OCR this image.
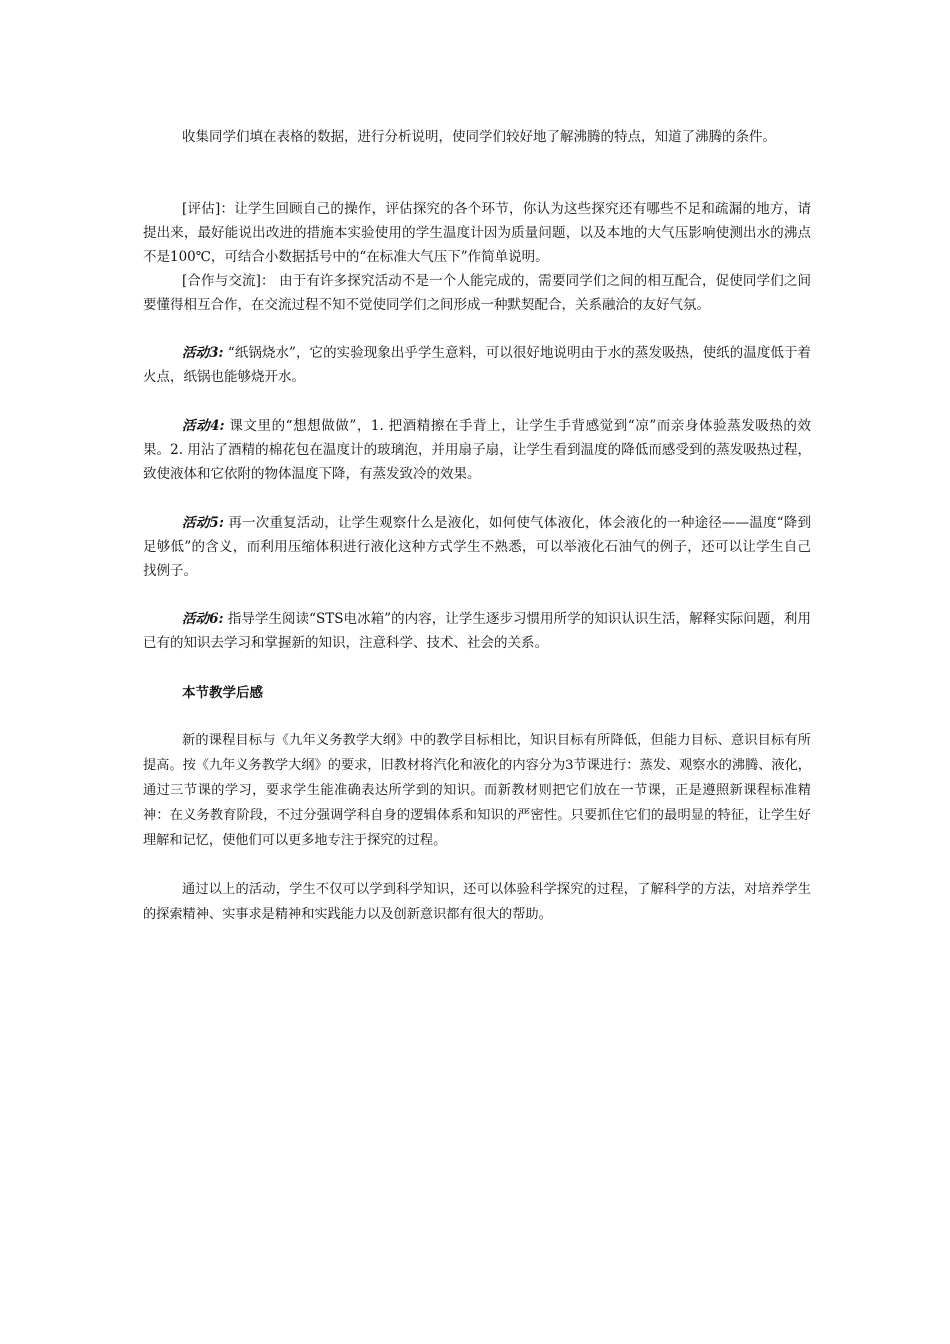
收集同学们填在表格的数据，进行分析说明，使同学们较好地了解沸腾的特点，知道了沸腾的条件。

[评估]：让学生回顾自己的操作，评估探究的各个环节，你认为这些探究还有哪些不足和疏漏的地方，请提出来，最好能说出改进的措施本实验使用的学生温度计因为质量问题，以及本地的大气压影响使测出水的沸点不是100℃，可结合小数据括号中的“在标准大气压下”作简单说明。

[合作与交流]： 由于有许多探究活动不是一个人能完成的，需要同学们之间的相互配合，促使同学们之间要懂得相互合作，在交流过程不知不觉使同学们之间形成一种默契配合，关系融洽的友好气氛。

活动3: “纸锅烧水”，它的实验现象出乎学生意料，可以很好地说明由于水的蒸发吸热，使纸的温度低于着火点，纸锅也能够烧开水。

活动4: 课文里的“想想做做”，1. 把酒精擦在手背上，让学生手背感觉到“凉”而亲身体验蒸发吸热的效果。2. 用沾了酒精的棉花包在温度计的玻璃泡，并用扇子扇，让学生看到温度的降低而感受到的蒸发吸热过程，致使液体和它依附的物体温度下降，有蒸发致冷的效果。

活动5: 再一次重复活动，让学生观察什么是液化，如何使气体液化，体会液化的一种途径——温度“降到足够低”的含义，而利用压缩体积进行液化这种方式学生不熟悉，可以举液化石油气的例子，还可以让学生自己找例子。

活动6: 指导学生阅读“STS电冰箱”的内容，让学生逐步习惯用所学的知识认识生活，解释实际问题，利用已有的知识去学习和掌握新的知识，注意科学、技术、社会的关系。

本节教学后感

新的课程目标与《九年义务教学大纲》中的教学目标相比，知识目标有所降低，但能力目标、意识目标有所提高。按《九年义务教学大纲》的要求，旧教材将汽化和液化的内容分为3节课进行：蒸发、观察水的沸腾、液化，通过三节课的学习，要求学生能准确表达所学到的知识。而新教材则把它们放在一节课，正是遵照新课程标准精神：在义务教育阶段，不过分强调学科自身的逻辑体系和知识的严密性。只要抓住它们的最明显的特征，让学生好理解和记忆，使他们可以更多地专注于探究的过程。

通过以上的活动，学生不仅可以学到科学知识，还可以体验科学探究的过程，了解科学的方法，对培养学生的探索精神、实事求是精神和实践能力以及创新意识都有很大的帮助。
